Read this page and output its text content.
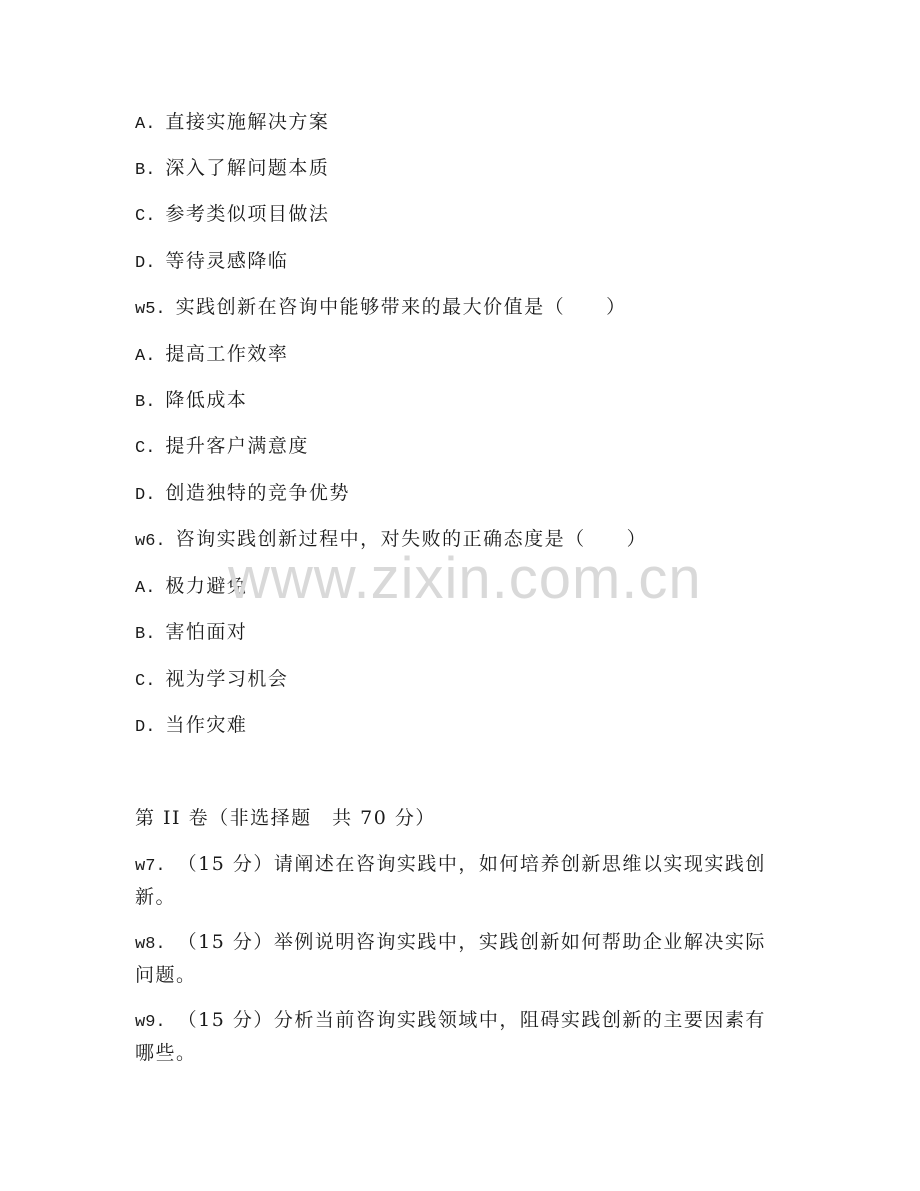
A. 直接实施解决方案
B. 深入了解问题本质
C. 参考类似项目做法
D. 等待灵感降临
w5. 实践创新在咨询中能够带来的最大价值是（　　）
A. 提高工作效率
B. 降低成本
C. 提升客户满意度
D. 创造独特的竞争优势
w6. 咨询实践创新过程中，对失败的正确态度是（　　）
A. 极力避免
B. 害怕面对
C. 视为学习机会
D. 当作灾难
第 II 卷（非选择题　共 70 分）
w7. （15 分）请阐述在咨询实践中，如何培养创新思维以实现实践创新。
w8. （15 分）举例说明咨询实践中，实践创新如何帮助企业解决实际问题。
w9. （15 分）分析当前咨询实践领域中，阻碍实践创新的主要因素有哪些。
www.zixin.com.cn
